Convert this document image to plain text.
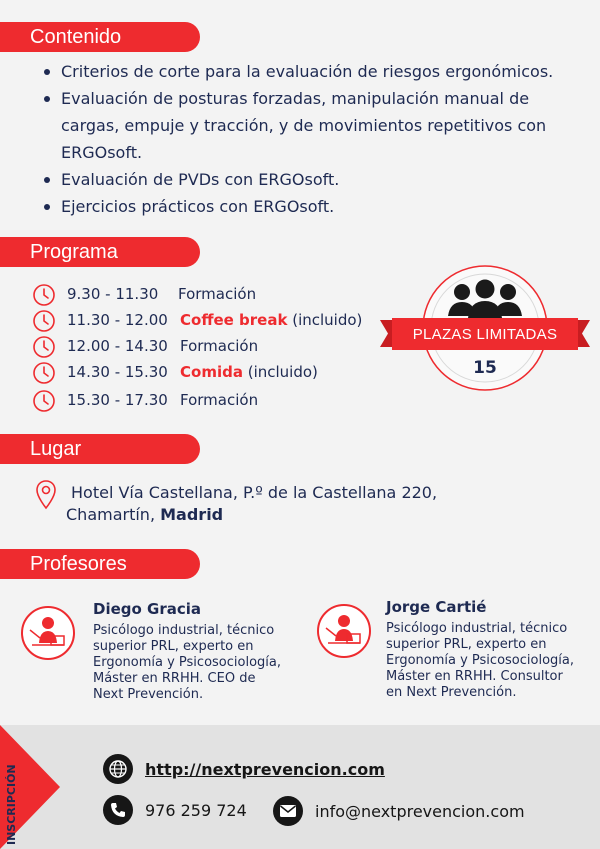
Contenido
Criterios de corte para la evaluación de riesgos ergonómicos.
Evaluación de posturas forzadas, manipulación manual de cargas, empuje y tracción, y de movimientos repetitivos con ERGOsoft.
Evaluación de PVDs con ERGOsoft.
Ejercicios prácticos con ERGOsoft.
Programa
9.30 - 11.30 Formación
11.30 - 12.00 Coffee break (incluido)
12.00 - 14.30 Formación
14.30 - 15.30 Comida (incluido)
15.30 - 17.30 Formación
PLAZAS LIMITADAS
15
Lugar
Hotel Vía Castellana, P.º de la Castellana 220,
Chamartín, Madrid
Profesores
Diego Gracia
Psicólogo industrial, técnico superior PRL, experto en Ergonomía y Psicosociología, Máster en RRHH. CEO de Next Prevención.
Jorge Cartié
Psicólogo industrial, técnico superior PRL, experto en Ergonomía y Psicosociología, Máster en RRHH. Consultor en Next Prevención.
INSCRIPCIÓN	http://nextprevencion.com
976 259 724	info@nextprevencion.com
